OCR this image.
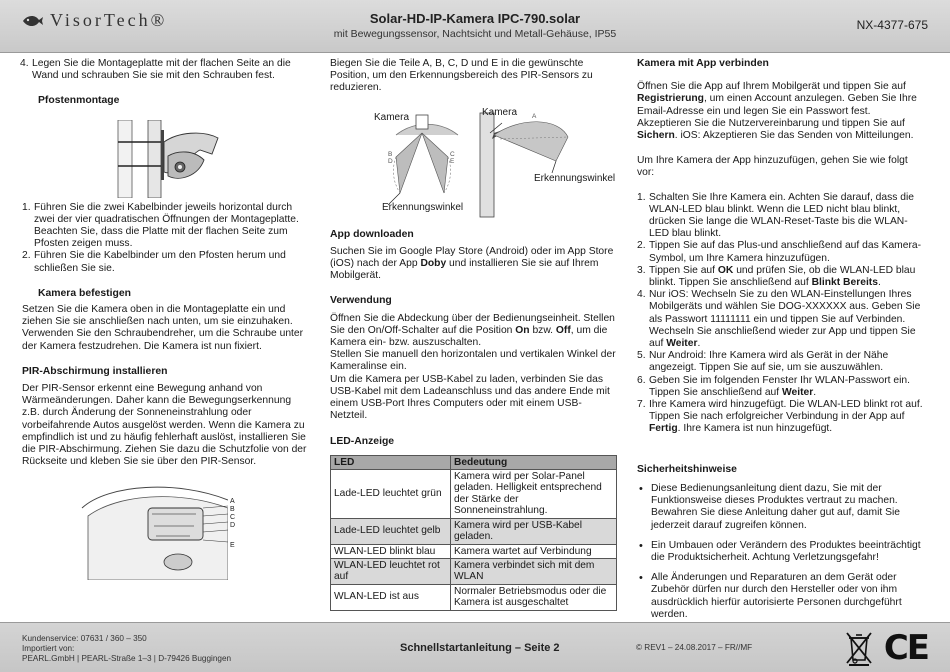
VisorTech®	Solar-HD-IP-Kamera IPC-790.solar
mit Bewegungssensor, Nachtsicht und Metall-Gehäuse, IP55
NX-4377-675
4. Legen Sie die Montageplatte mit der flachen Seite an die Wand und schrauben Sie sie mit den Schrauben fest.

Pfostenmontage

1. Führen Sie die zwei Kabelbinder jeweils horizontal durch zwei der vier quadratischen Öffnungen der Montageplatte. Beachten Sie, dass die Platte mit der flachen Seite zum Pfosten zeigen muss.
2. Führen Sie die Kabelbinder um den Pfosten herum und schließen Sie sie.

Kamera befestigen

Setzen Sie die Kamera oben in die Montageplatte ein und ziehen Sie sie anschließen nach unten, um sie einzuhaken. Verwenden Sie den Schraubendreher, um die Schraube unter der Kamera festzudrehen. Die Kamera ist nun fixiert.

PIR-Abschirmung installieren

Der PIR-Sensor erkennt eine Bewegung anhand von Wärmeänderungen. Daher kann die Bewegungserkennung z.B. durch Änderung der Sonneneinstrahlung oder vorbeifahrende Autos ausgelöst werden. Wenn die Kamera zu empfindlich ist und zu häufig fehlerhaft auslöst, installieren Sie die PIR-Abschirmung. Ziehen Sie dazu die Schutzfolie von der Rückseite und kleben Sie sie über den PIR-Sensor.

A
B
C
D
E

Biegen Sie die Teile A, B, C, D und E in die gewünschte Position, um den Erkennungsbereich des PIR-Sensors zu reduzieren.

Kamera	Kamera
B
D
C
E
A
Erkennungswinkel
Erkennungswinkel

App downloaden

Suchen Sie im Google Play Store (Android) oder im App Store (iOS) nach der App Doby und installieren Sie sie auf Ihrem Mobilgerät.

Verwendung

Öffnen Sie die Abdeckung über der Bedienungseinheit. Stellen Sie den On/Off-Schalter auf die Position On bzw. Off, um die Kamera ein- bzw. auszuschalten.

Stellen Sie manuell den horizontalen und vertikalen Winkel der Kameralinse ein.

Um die Kamera per USB-Kabel zu laden, verbinden Sie das USB-Kabel mit dem Ladeanschluss und das andere Ende mit einem USB-Port Ihres Computers oder mit einem USB-Netzteil.

LED-Anzeige

LED	Bedeutung
Lade-LED leuchtet grün	Kamera wird per Solar-Panel geladen. Helligkeit entsprechend der Stärke der Sonneneinstrahlung.
Lade-LED leuchtet gelb	Kamera wird per USB-Kabel geladen.
WLAN-LED blinkt blau	Kamera wartet auf Verbindung
WLAN-LED leuchtet rot auf	Kamera verbindet sich mit dem WLAN
WLAN-LED ist aus	Normaler Betriebsmodus oder die Kamera ist ausgeschaltet

Kamera mit App verbinden

Öffnen Sie die App auf Ihrem Mobilgerät und tippen Sie auf Registrierung, um einen Account anzulegen. Geben Sie Ihre Email-Adresse ein und legen Sie ein Passwort fest. Akzeptieren Sie die Nutzervereinbarung und tippen Sie auf Sichern. iOS: Akzeptieren Sie das Senden von Mitteilungen.

Um Ihre Kamera der App hinzuzufügen, gehen Sie wie folgt vor:

1. Schalten Sie Ihre Kamera ein. Achten Sie darauf, dass die WLAN-LED blau blinkt. Wenn die LED nicht blau blinkt, drücken Sie lange die WLAN-Reset-Taste bis die WLAN-LED blau blinkt.
2. Tippen Sie auf das Plus-und anschließend auf das Kamera-Symbol, um Ihre Kamera hinzuzufügen.
3. Tippen Sie auf OK und prüfen Sie, ob die WLAN-LED blau blinkt. Tippen Sie anschließend auf Blinkt Bereits.
4. Nur iOS: Wechseln Sie zu den WLAN-Einstellungen Ihres Mobilgeräts und wählen Sie DOG-XXXXXX aus. Geben Sie als Passwort 11111111 ein und tippen Sie auf Verbinden. Wechseln Sie anschließend wieder zur App und tippen Sie auf Weiter.
5. Nur Android: Ihre Kamera wird als Gerät in der Nähe angezeigt. Tippen Sie auf sie, um sie auszuwählen.
6. Geben Sie im folgenden Fenster Ihr WLAN-Passwort ein. Tippen Sie anschließend auf Weiter.
7. Ihre Kamera wird hinzugefügt. Die WLAN-LED blinkt rot auf. Tippen Sie nach erfolgreicher Verbindung in der App auf Fertig. Ihre Kamera ist nun hinzugefügt.

Sicherheitshinweise

• Diese Bedienungsanleitung dient dazu, Sie mit der Funktionsweise dieses Produktes vertraut zu machen. Bewahren Sie diese Anleitung daher gut auf, damit Sie jederzeit darauf zugreifen können.
• Ein Umbauen oder Verändern des Produktes beeinträchtigt die Produktsicherheit. Achtung Verletzungsgefahr!
• Alle Änderungen und Reparaturen an dem Gerät oder Zubehör dürfen nur durch den Hersteller oder von ihm ausdrücklich hierfür autorisierte Personen durchgeführt werden.
Kundenservice: 07631 / 360 – 350
Importiert von:
PEARL.GmbH | PEARL-Straße 1–3 | D-79426 Buggingen
Schnellstartanleitung – Seite 2	© REV1 – 24.08.2017 – FR//MF	CE
